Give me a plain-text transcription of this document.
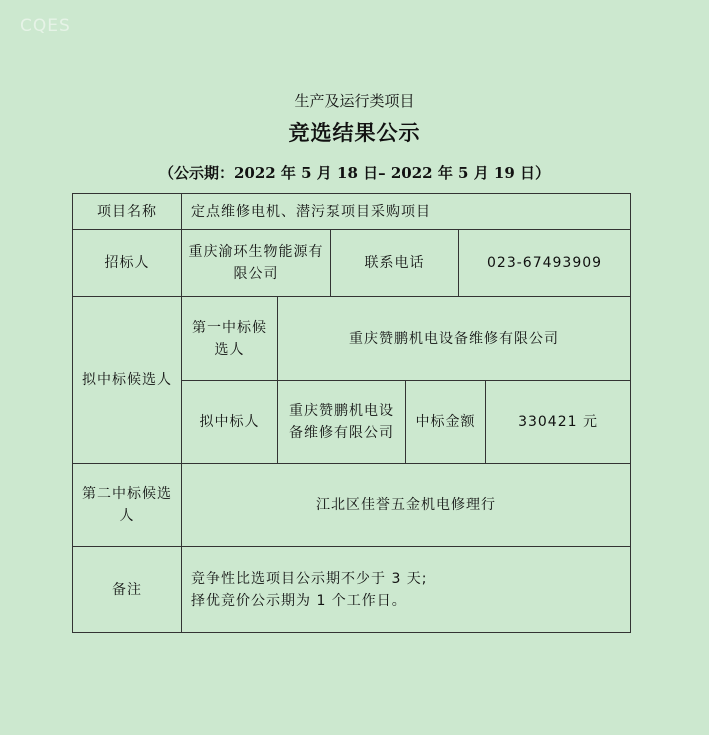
CQES
生产及运行类项目
竞选结果公示
（公示期：2022 年 5 月 18 日– 2022 年 5 月 19 日）
项目名称	定点维修电机、潜污泵项目采购项目					
招标人	重庆渝环生物能源有限公司		联系电话		023-67493909	
拟中标候选人	第一中标候选人	重庆赞鹏机电设备维修有限公司				
	拟中标人	重庆赞鹏机电设备维修有限公司		中标金额		330421 元
第二中标候选人	江北区佳誉五金机电修理行					
备注	竞争性比选项目公示期不少于 3 天;
择优竞价公示期为 1 个工作日。					
